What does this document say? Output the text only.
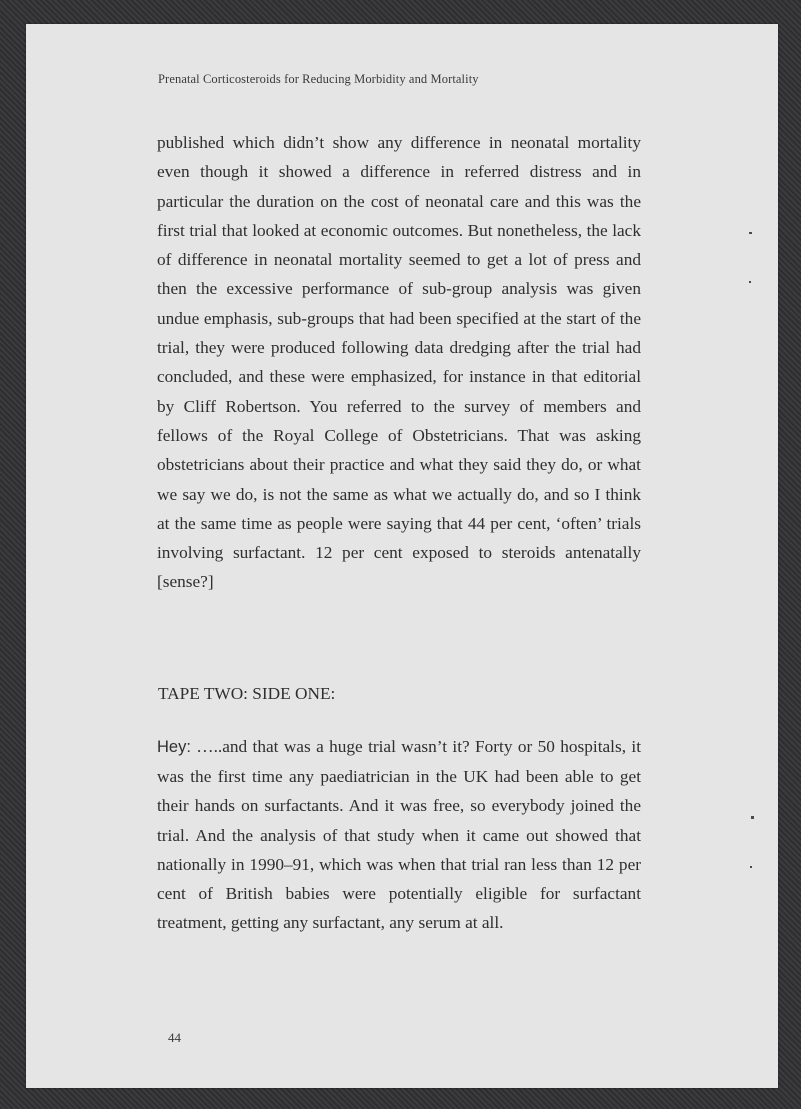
Prenatal Corticosteroids for Reducing Morbidity and Mortality

published which didn’t show any difference in neonatal mortality even though it showed a difference in referred distress and in particular the duration on the cost of neonatal care and this was the first trial that looked at economic outcomes. But nonetheless, the lack of difference in neonatal mortality seemed to get a lot of press and then the excessive performance of sub-group analysis was given undue emphasis, sub-groups that had been specified at the start of the trial, they were produced following data dredging after the trial had concluded, and these were emphasized, for instance in that editorial by Cliff Robertson. You referred to the survey of members and fellows of the Royal College of Obstetricians. That was asking obstetricians about their practice and what they said they do, or what we say we do, is not the same as what we actually do, and so I think at the same time as people were saying that 44 per cent, ‘often’ trials involving surfactant. 12 per cent exposed to steroids antenatally [sense?]

TAPE TWO: SIDE ONE:

Hey: …..and that was a huge trial wasn’t it? Forty or 50 hospitals, it was the first time any paediatrician in the UK had been able to get their hands on surfactants. And it was free, so everybody joined the trial. And the analysis of that study when it came out showed that nationally in 1990–91, which was when that trial ran less than 12 per cent of British babies were potentially eligible for surfactant treatment, getting any surfactant, any serum at all.

44
